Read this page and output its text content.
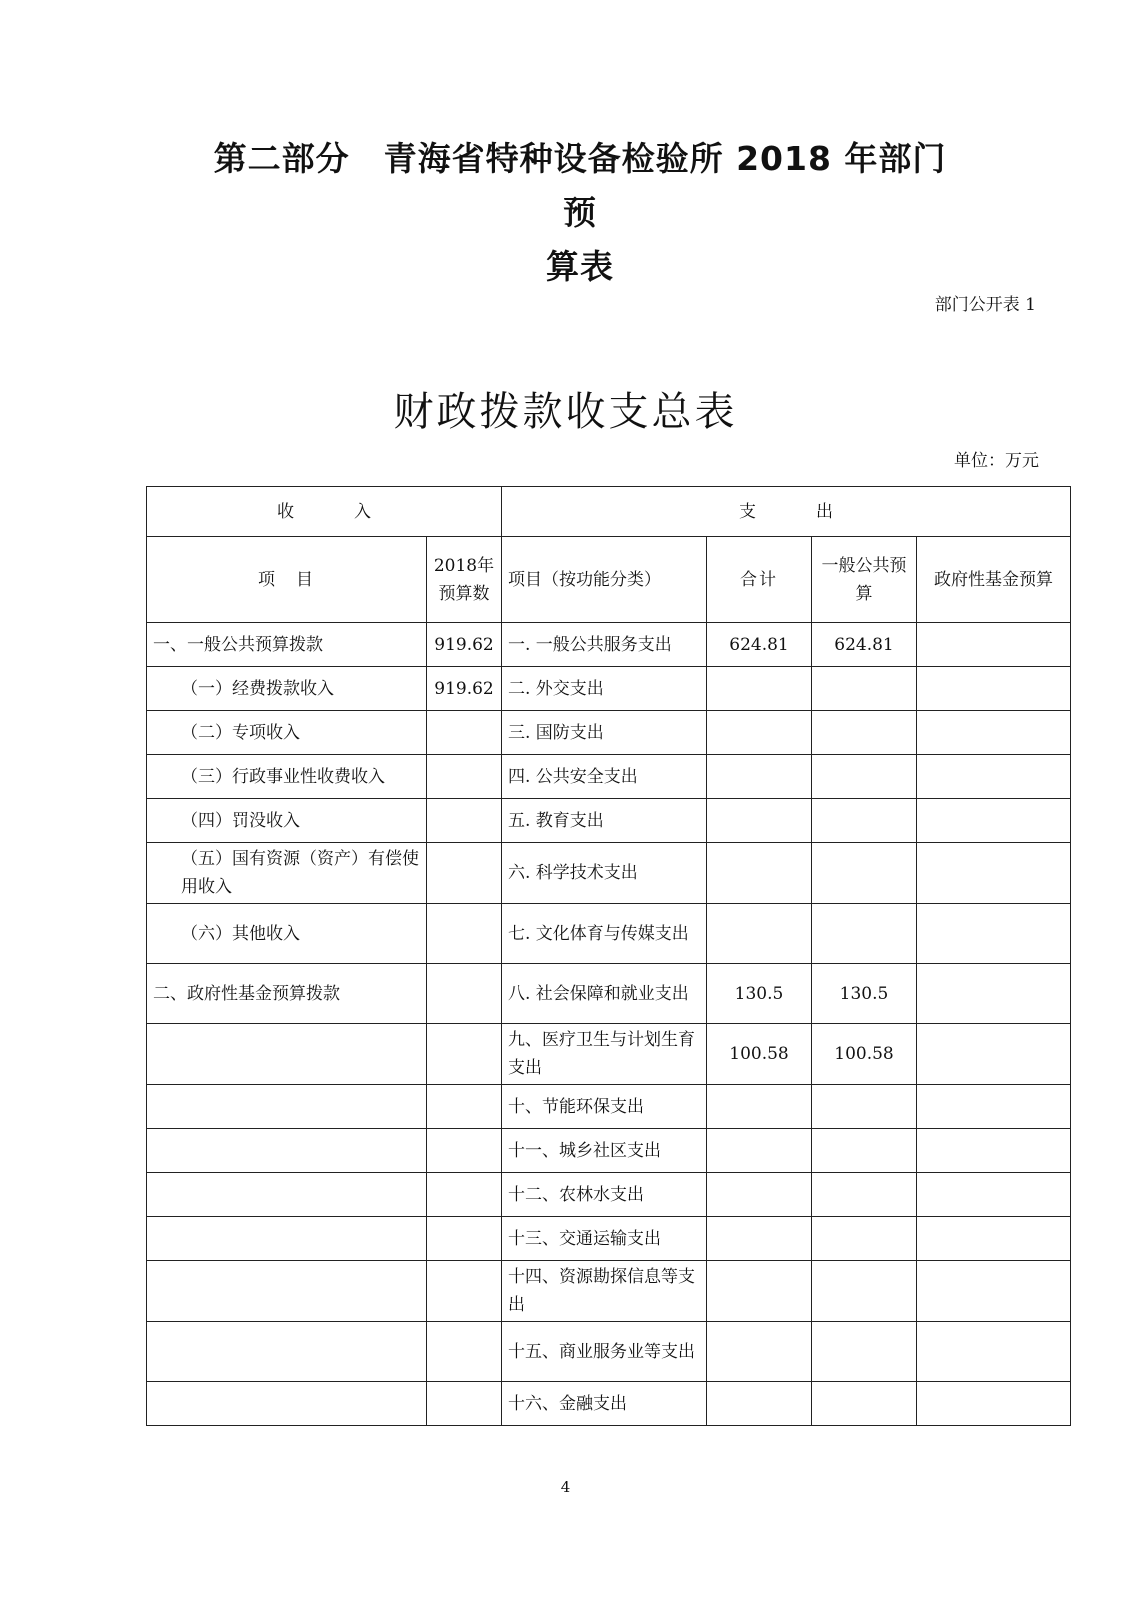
第二部分　青海省特种设备检验所 2018 年部门预
算表
部门公开表 1
财政拨款收支总表
单位：万元
收入		支出			
项　目	2018年预算数	项目（按功能分类）	合计	一般公共预算	政府性基金预算
一、一般公共预算拨款	919.62	一. 一般公共服务支出	624.81	624.81	
（一）经费拨款收入	919.62	二. 外交支出			
（二）专项收入		三. 国防支出			
（三）行政事业性收费收入		四. 公共安全支出			
（四）罚没收入		五. 教育支出			
（五）国有资源（资产）有偿使用收入		六. 科学技术支出			
（六）其他收入		七. 文化体育与传媒支出			
二、政府性基金预算拨款		八. 社会保障和就业支出	130.5	130.5	
		九、医疗卫生与计划生育支出	100.58	100.58	
		十、节能环保支出			
		十一、城乡社区支出			
		十二、农林水支出			
		十三、交通运输支出			
		十四、资源勘探信息等支出			
		十五、商业服务业等支出			
		十六、金融支出			
4
